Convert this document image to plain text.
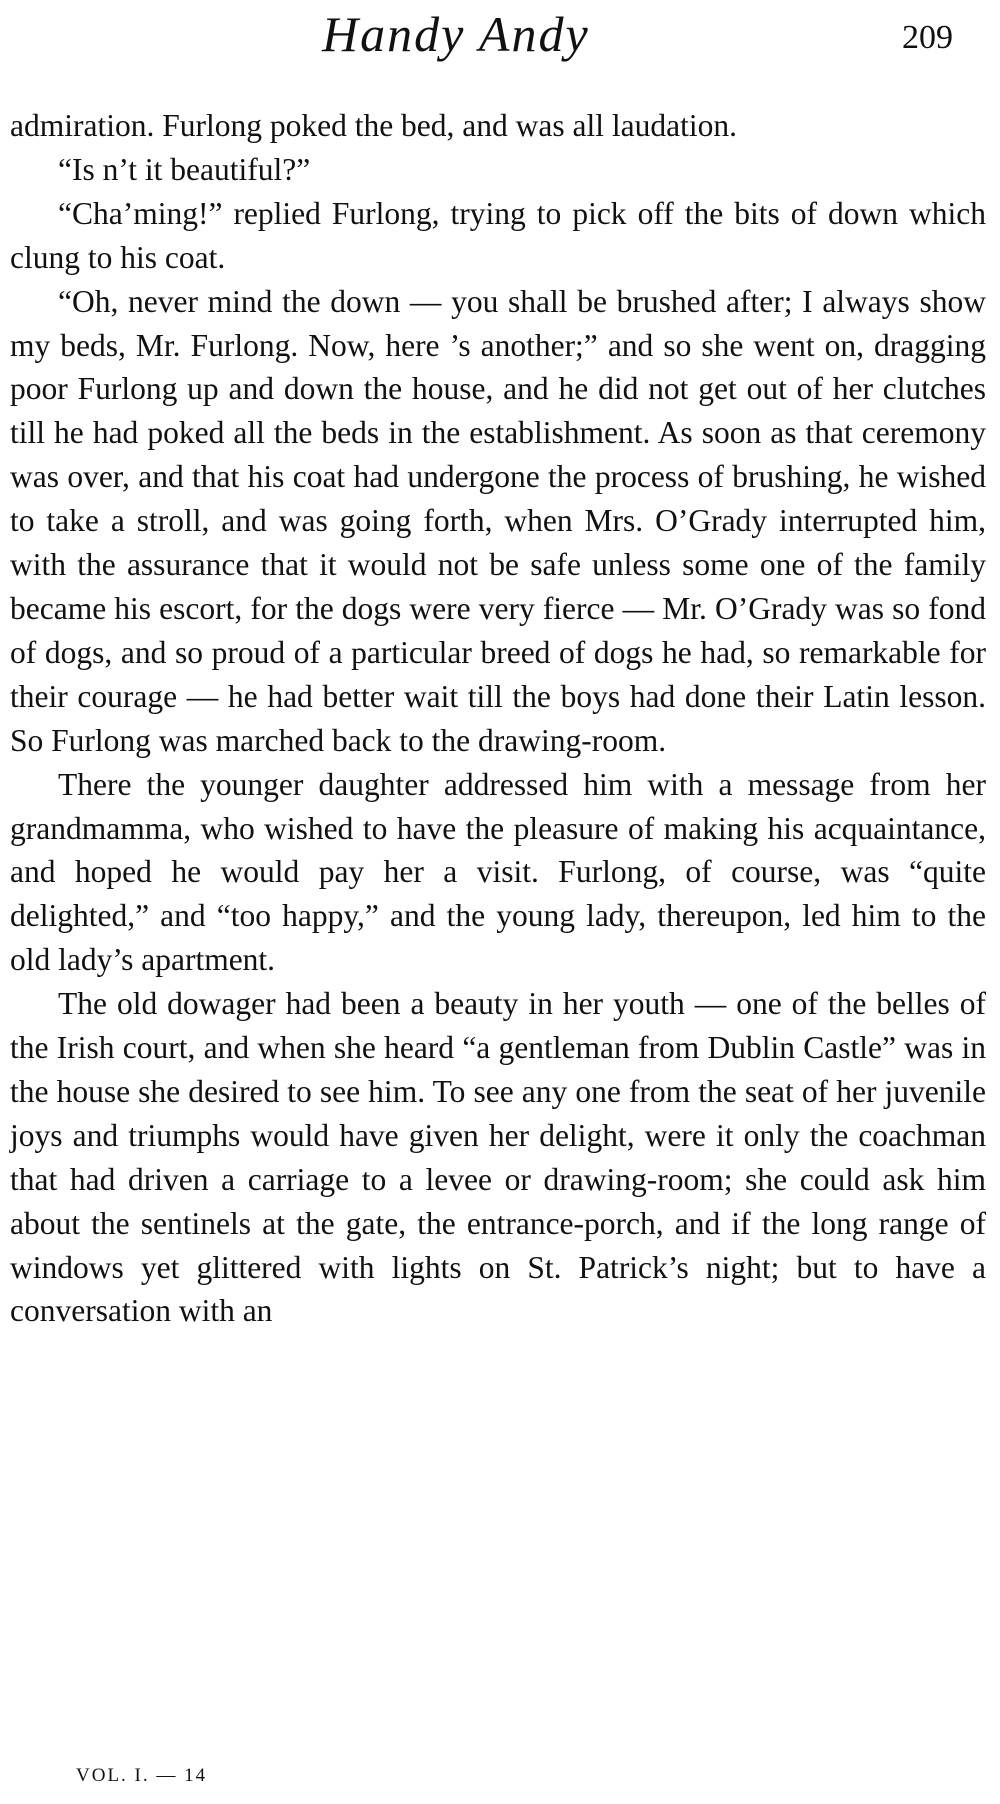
Handy Andy	209

admiration. Furlong poked the bed, and was all laudation.

“Is n’t it beautiful?”

“Cha’ming!” replied Furlong, trying to pick off the bits of down which clung to his coat.

“Oh, never mind the down — you shall be brushed after; I always show my beds, Mr. Furlong. Now, here ’s another;” and so she went on, dragging poor Furlong up and down the house, and he did not get out of her clutches till he had poked all the beds in the establishment. As soon as that ceremony was over, and that his coat had undergone the process of brushing, he wished to take a stroll, and was going forth, when Mrs. O’Grady interrupted him, with the assurance that it would not be safe unless some one of the family became his escort, for the dogs were very fierce — Mr. O’Grady was so fond of dogs, and so proud of a particular breed of dogs he had, so remarkable for their courage — he had better wait till the boys had done their Latin lesson. So Furlong was marched back to the drawing-room.

There the younger daughter addressed him with a message from her grandmamma, who wished to have the pleasure of making his acquaintance, and hoped he would pay her a visit. Furlong, of course, was “quite delighted,” and “too happy,” and the young lady, thereupon, led him to the old lady’s apartment.

The old dowager had been a beauty in her youth — one of the belles of the Irish court, and when she heard “a gentleman from Dublin Castle” was in the house she desired to see him. To see any one from the seat of her juvenile joys and triumphs would have given her delight, were it only the coachman that had driven a carriage to a levee or drawing-room; she could ask him about the sentinels at the gate, the entrance-porch, and if the long range of windows yet glittered with lights on St. Patrick’s night; but to have a conversation with an

VOL. I. — 14
